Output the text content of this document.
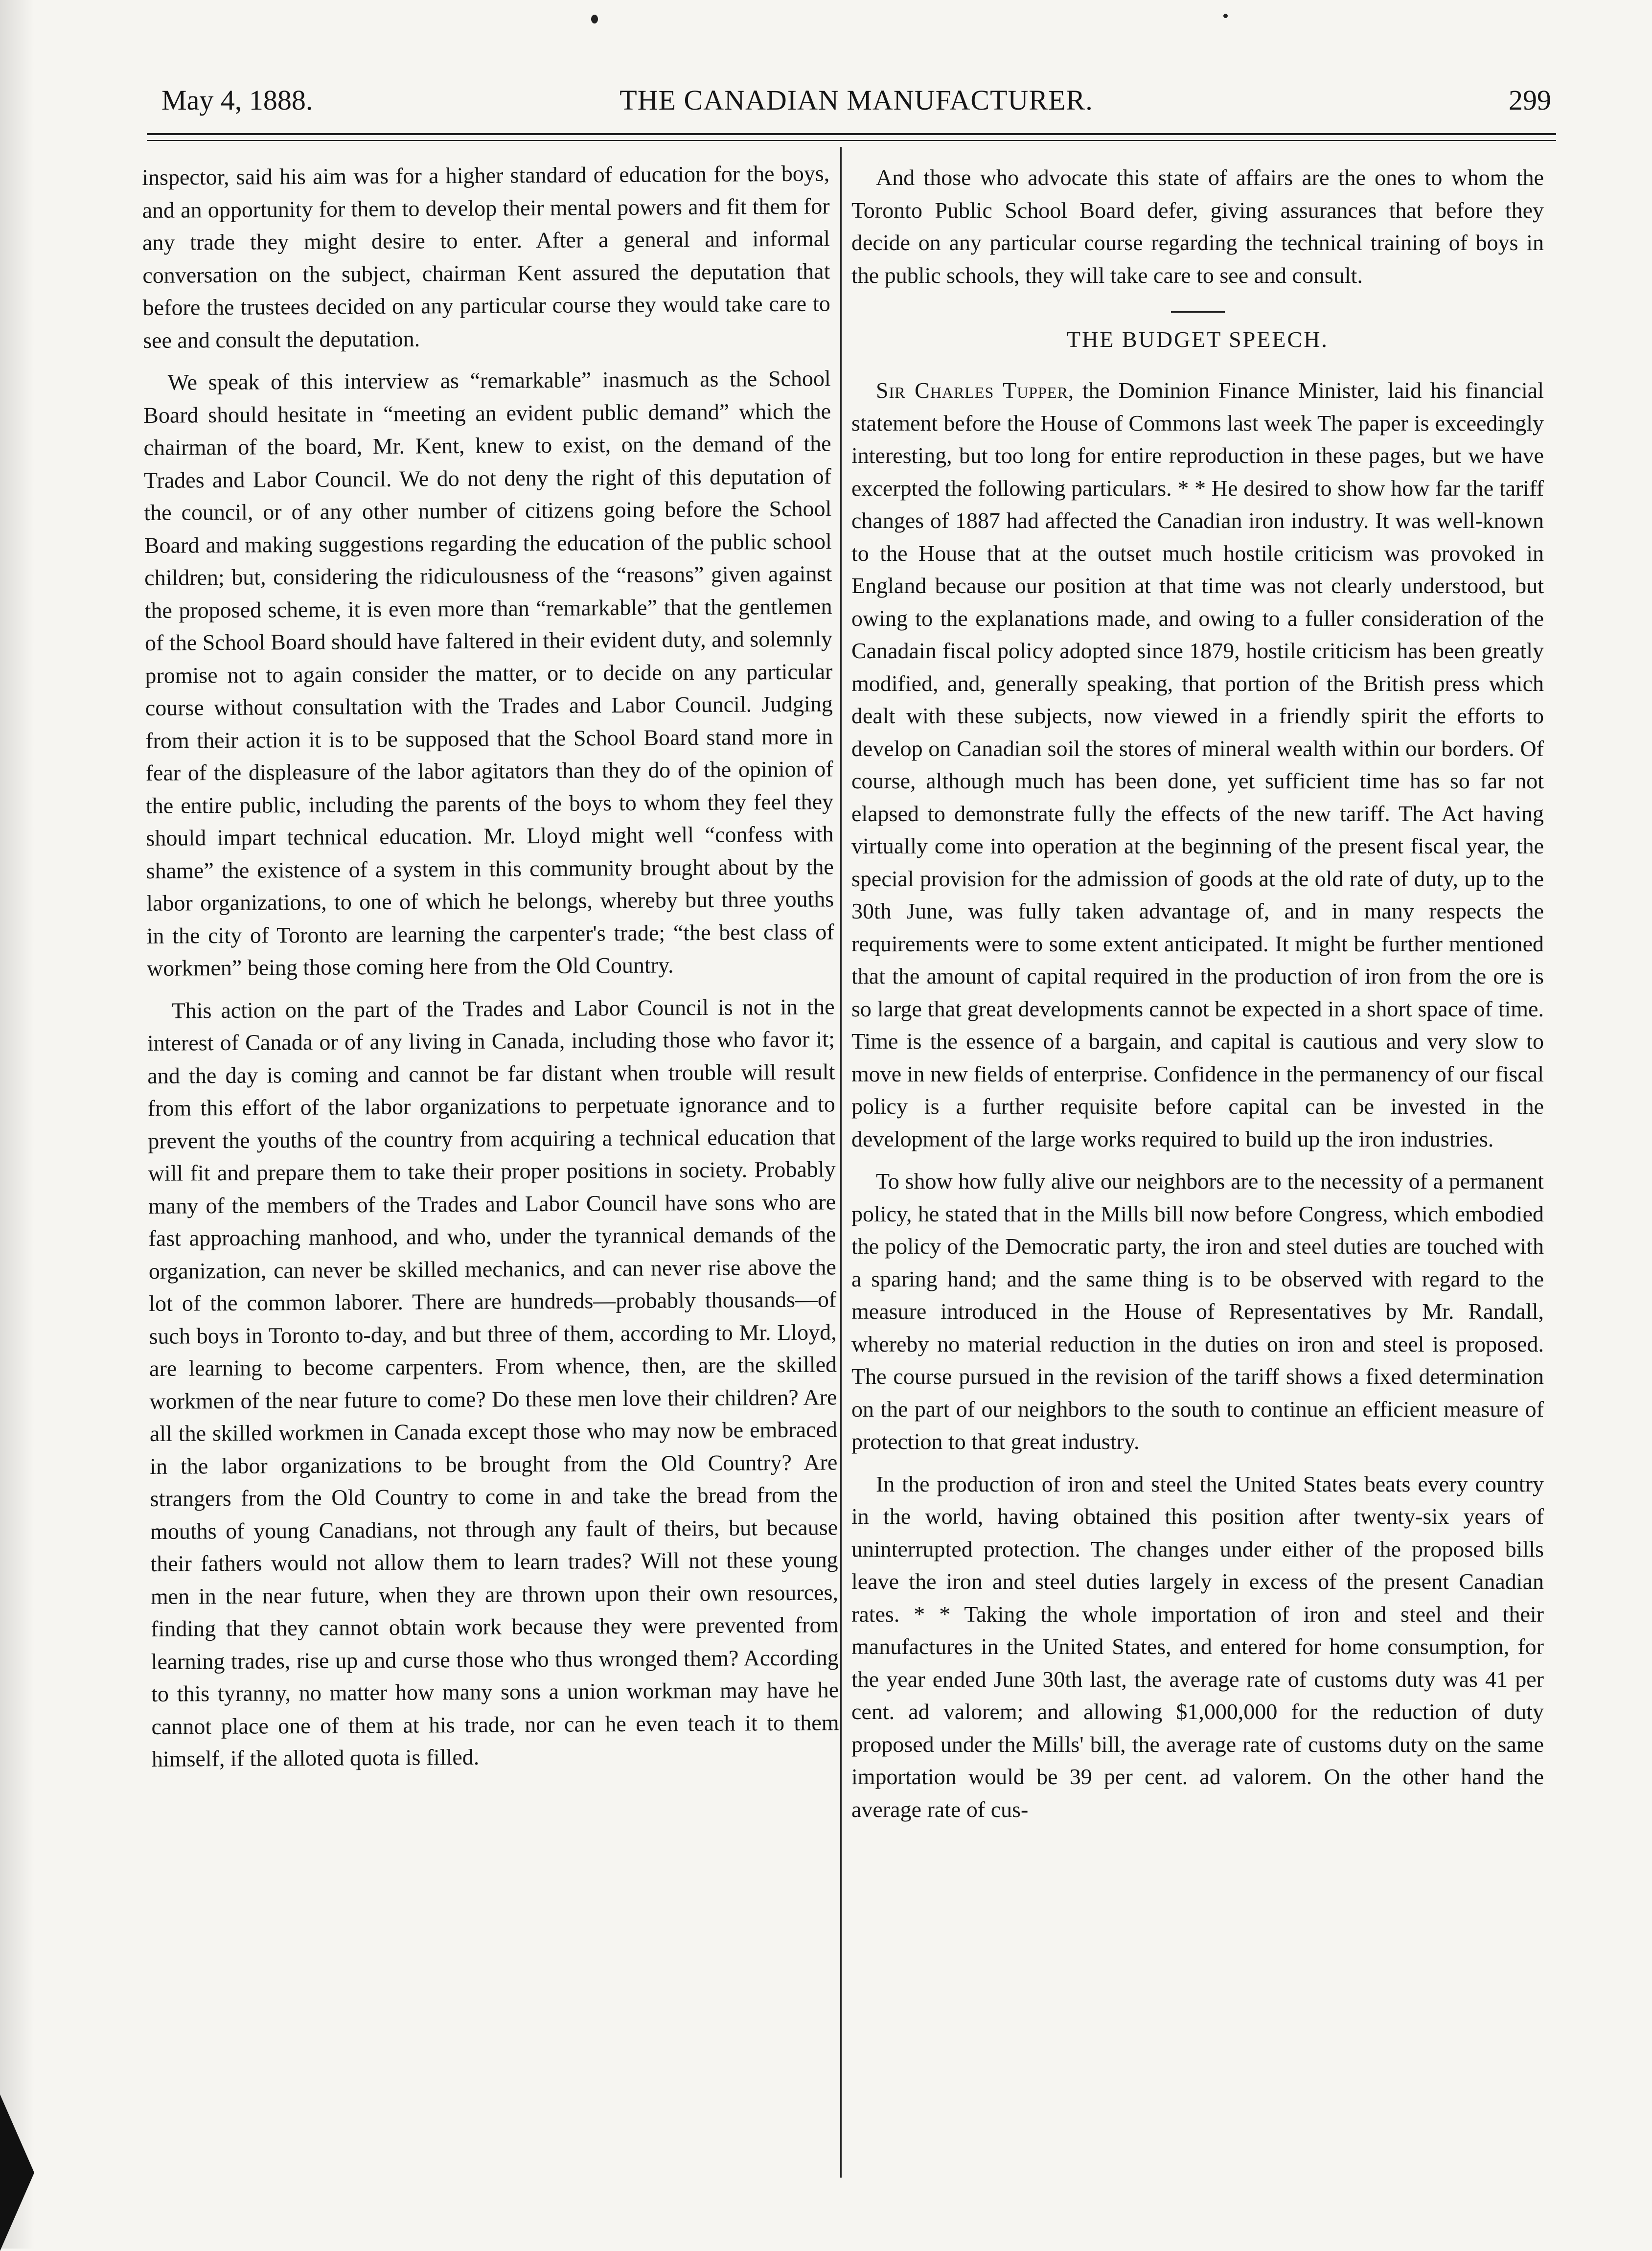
May 4, 1888.	THE CANADIAN MANUFACTURER.	299

inspector, said his aim was for a higher standard of education for the boys, and an opportunity for them to develop their mental powers and fit them for any trade they might desire to enter. After a general and informal conversation on the subject, chairman Kent assured the deputation that before the trustees decided on any particular course they would take care to see and consult the deputation.

We speak of this interview as “remarkable” inasmuch as the School Board should hesitate in “meeting an evident public demand” which the chairman of the board, Mr. Kent, knew to exist, on the demand of the Trades and Labor Council. We do not deny the right of this deputation of the council, or of any other number of citizens going before the School Board and making suggestions regarding the education of the public school children; but, considering the ridiculousness of the “reasons” given against the proposed scheme, it is even more than “remarkable” that the gentlemen of the School Board should have faltered in their evident duty, and solemnly promise not to again consider the matter, or to decide on any particular course without consultation with the Trades and Labor Council. Judging from their action it is to be supposed that the School Board stand more in fear of the displeasure of the labor agitators than they do of the opinion of the entire public, including the parents of the boys to whom they feel they should impart technical education. Mr. Lloyd might well “confess with shame” the existence of a system in this community brought about by the labor organizations, to one of which he belongs, whereby but three youths in the city of Toronto are learning the carpenter's trade; “the best class of workmen” being those coming here from the Old Country.

This action on the part of the Trades and Labor Council is not in the interest of Canada or of any living in Canada, including those who favor it; and the day is coming and cannot be far distant when trouble will result from this effort of the labor organizations to perpetuate ignorance and to prevent the youths of the country from acquiring a technical education that will fit and prepare them to take their proper positions in society. Probably many of the members of the Trades and Labor Council have sons who are fast approaching manhood, and who, under the tyrannical demands of the organization, can never be skilled mechanics, and can never rise above the lot of the common laborer. There are hundreds—probably thousands—of such boys in Toronto to-day, and but three of them, according to Mr. Lloyd, are learning to become carpenters. From whence, then, are the skilled workmen of the near future to come? Do these men love their children? Are all the skilled workmen in Canada except those who may now be embraced in the labor organizations to be brought from the Old Country? Are strangers from the Old Country to come in and take the bread from the mouths of young Canadians, not through any fault of theirs, but because their fathers would not allow them to learn trades? Will not these young men in the near future, when they are thrown upon their own resources, finding that they cannot obtain work because they were prevented from learning trades, rise up and curse those who thus wronged them? According to this tyranny, no matter how many sons a union workman may have he cannot place one of them at his trade, nor can he even teach it to them himself, if the alloted quota is filled.

And those who advocate this state of affairs are the ones to whom the Toronto Public School Board defer, giving assurances that before they decide on any particular course regarding the technical training of boys in the public schools, they will take care to see and consult.

THE BUDGET SPEECH.

Sir Charles Tupper, the Dominion Finance Minister, laid his financial statement before the House of Commons last week The paper is exceedingly interesting, but too long for entire reproduction in these pages, but we have excerpted the following particulars. * * He desired to show how far the tariff changes of 1887 had affected the Canadian iron industry. It was well-known to the House that at the outset much hostile criticism was provoked in England because our position at that time was not clearly understood, but owing to the explanations made, and owing to a fuller consideration of the Canadain fiscal policy adopted since 1879, hostile criticism has been greatly modified, and, generally speaking, that portion of the British press which dealt with these subjects, now viewed in a friendly spirit the efforts to develop on Canadian soil the stores of mineral wealth within our borders. Of course, although much has been done, yet sufficient time has so far not elapsed to demonstrate fully the effects of the new tariff. The Act having virtually come into operation at the beginning of the present fiscal year, the special provision for the admission of goods at the old rate of duty, up to the 30th June, was fully taken advantage of, and in many respects the requirements were to some extent anticipated. It might be further mentioned that the amount of capital required in the production of iron from the ore is so large that great developments cannot be expected in a short space of time. Time is the essence of a bargain, and capital is cautious and very slow to move in new fields of enterprise. Confidence in the permanency of our fiscal policy is a further requisite before capital can be invested in the development of the large works required to build up the iron industries.

To show how fully alive our neighbors are to the necessity of a permanent policy, he stated that in the Mills bill now before Congress, which embodied the policy of the Democratic party, the iron and steel duties are touched with a sparing hand; and the same thing is to be observed with regard to the measure introduced in the House of Representatives by Mr. Randall, whereby no material reduction in the duties on iron and steel is proposed. The course pursued in the revision of the tariff shows a fixed determination on the part of our neighbors to the south to continue an efficient measure of protection to that great industry.

In the production of iron and steel the United States beats every country in the world, having obtained this position after twenty-six years of uninterrupted protection. The changes under either of the proposed bills leave the iron and steel duties largely in excess of the present Canadian rates. * * Taking the whole importation of iron and steel and their manufactures in the United States, and entered for home consumption, for the year ended June 30th last, the average rate of customs duty was 41 per cent. ad valorem; and allowing $1,000,000 for the reduction of duty proposed under the Mills' bill, the average rate of customs duty on the same importation would be 39 per cent. ad valorem. On the other hand the average rate of cus-
